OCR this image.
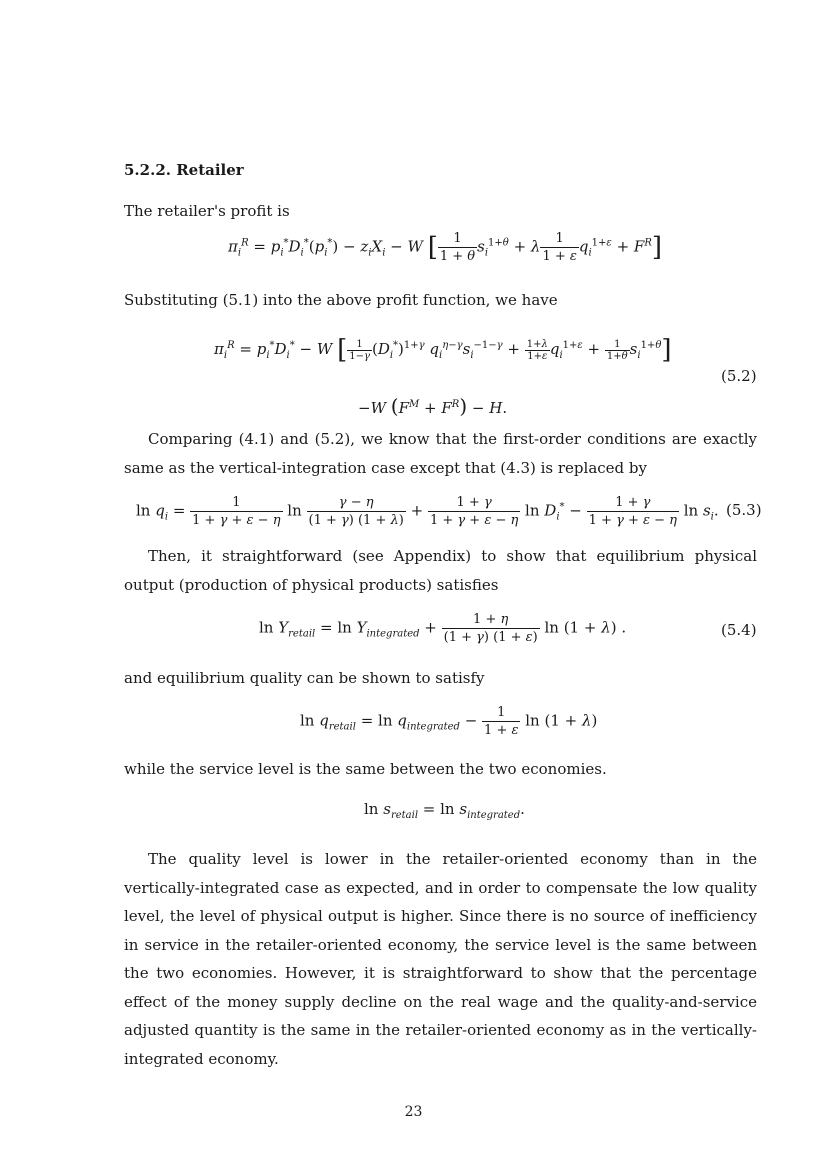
5.2.2. Retailer
The retailer's profit is
$\pi_i^R = p_i^*D_i^*(p_i^*) - z_iX_i - W$ [ $\frac{1}{1 + \theta} s_i^{1+\theta} + \lambda \frac{1}{1 + \varepsilon} q_i^{1+\varepsilon} + F^R$]
Substituting (5.1) into the above profit function, we have
$\pi_i^R = p_i^*D_i^* - W$ [ $\frac{1}{1-\gamma} (D_i^*)^{1+\gamma}$ $q_i^{\eta-\gamma}s_i^{-1-\gamma} + \frac{1+\lambda}{1+\varepsilon} q_i^{1+\varepsilon} + \frac{1}{1+\theta} s_i^{1+\theta}$]
(5.2)
−W $(F^M + F^R) - H$.
Comparing (4.1) and (5.2), we know that the first-order conditions are exactly same as the vertical-integration case except that (4.3) is replaced by
$\ln q_i = \frac{1}{1 + \gamma + \varepsilon - \eta}$ $\ln \frac{\gamma - \eta}{(1 + \gamma) (1 + \lambda)} + \frac{1 + \gamma}{1 + \gamma + \varepsilon - \eta}$ $\ln D_i^* - \frac{1 + \gamma}{1 + \gamma + \varepsilon - \eta}$ $\ln s_i$. (5.3)
Then, it straightforward (see Appendix) to show that equilibrium physical output (production of physical products) satisfies
$\ln Y_{retail} = \ln Y_{integrated} + \frac{1 + \eta}{(1 + \gamma) (1 + \varepsilon)}$ ln (1 + λ) .	(5.4)
and equilibrium quality can be shown to satisfy
$\ln q_{retail} = \ln q_{integrated} - \frac{1}{1 + \varepsilon}$ ln (1 + λ)
while the service level is the same between the two economies.
$\ln s_{retail} = \ln s_{integrated}$.
The quality level is lower in the retailer-oriented economy than in the vertically-integrated case as expected, and in order to compensate the low quality level, the level of physical output is higher. Since there is no source of inefficiency in service in the retailer-oriented economy, the service level is the same between the two economies. However, it is straightforward to show that the percentage effect of the money supply decline on the real wage and the quality-and-service adjusted quantity is the same in the retailer-oriented economy as in the vertically-integrated economy.
23
